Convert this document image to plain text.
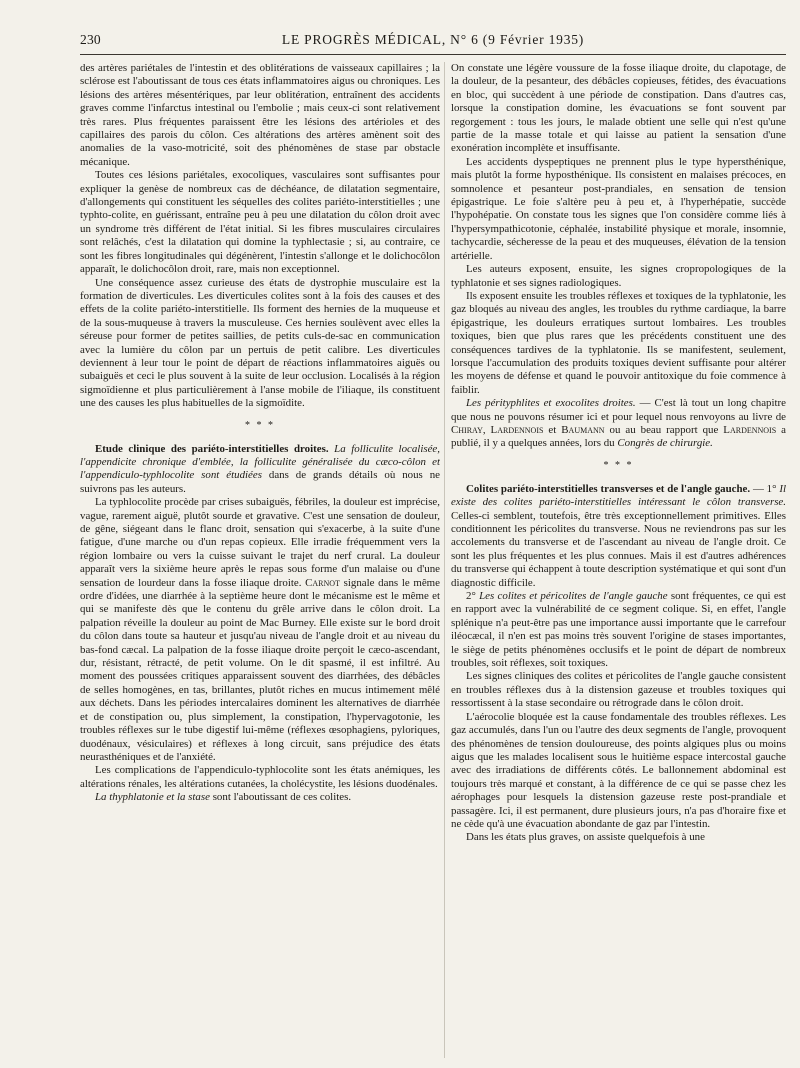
230	LE PROGRÈS MÉDICAL, N° 6 (9 Février 1935)

des artères pariétales de l'intestin et des oblitérations de vaisseaux capillaires ; la sclérose est l'aboutissant de tous ces états inflammatoires aigus ou chroniques. Les lésions des artères mésentériques, par leur oblitération, entraînent des accidents graves comme l'infarctus intestinal ou l'embolie ; mais ceux-ci sont relativement très rares. Plus fréquentes paraissent être les lésions des artérioles et des capillaires des parois du côlon. Ces altérations des artères amènent soit des anomalies de la vaso-motricité, soit des phénomènes de stase par obstacle mécanique.

Toutes ces lésions pariétales, exocoliques, vasculaires sont suffisantes pour expliquer la genèse de nombreux cas de déchéance, de dilatation segmentaire, d'allongements qui constituent les séquelles des colites pariéto-interstitielles ; une typhto-colite, en guérissant, entraîne peu à peu une dilatation du côlon droit avec un syndrome très différent de l'état initial. Si les fibres musculaires circulaires sont relâchés, c'est la dilatation qui domine la typhlectasie ; si, au contraire, ce sont les fibres longitudinales qui dégénèrent, l'intestin s'allonge et le dolichocôlon apparaît, le dolichocôlon droit, rare, mais non exceptionnel.

Une conséquence assez curieuse des états de dystrophie musculaire est la formation de diverticules. Les diverticules colites sont à la fois des causes et des effets de la colite pariéto-interstitielle. Ils forment des hernies de la muqueuse et de la sous-muqueuse à travers la musculeuse. Ces hernies soulèvent avec elles la séreuse pour former de petites saillies, de petits culs-de-sac en communication avec la lumière du côlon par un pertuis de petit calibre. Les diverticules deviennent à leur tour le point de départ de réactions inflammatoires aiguës ou subaiguës et ceci le plus souvent à la suite de leur occlusion. Localisés à la région sigmoïdienne et plus particulièrement à l'anse mobile de l'iliaque, ils constituent une des causes les plus habituelles de la sigmoïdite.

* * *

Etude clinique des pariéto-interstitielles droites. La folliculite localisée, l'appendicite chronique d'emblée, la folliculite généralisée du cæco-côlon et l'appendiculo-typhlocolite sont étudiées dans de grands détails où nous ne suivrons pas les auteurs.

La typhlocolite procède par crises subaiguës, fébriles, la douleur est imprécise, vague, rarement aiguë, plutôt sourde et gravative. C'est une sensation de douleur, de gêne, siégeant dans le flanc droit, sensation qui s'exacerbe, à la suite d'une fatigue, d'une marche ou d'un repas copieux. Elle irradie fréquemment vers la région lombaire ou vers la cuisse suivant le trajet du nerf crural. La douleur apparaît vers la sixième heure après le repas sous forme d'un malaise ou d'une sensation de lourdeur dans la fosse iliaque droite. Carnot signale dans le même ordre d'idées, une diarrhée à la septième heure dont le mécanisme est le même et qui se manifeste dès que le contenu du grêle arrive dans le côlon droit. La palpation réveille la douleur au point de Mac Burney. Elle existe sur le bord droit du côlon dans toute sa hauteur et jusqu'au niveau de l'angle droit et au niveau du bas-fond cæcal. La palpation de la fosse iliaque droite perçoit le cæco-ascendant, dur, résistant, rétracté, de petit volume. On le dit spasmé, il est infiltré. Au moment des poussées critiques apparaissent souvent des diarrhées, des débâcles de selles homogènes, en tas, brillantes, plutôt riches en mucus intimement mêlé aux déchets. Dans les périodes intercalaires dominent les alternatives de diarrhée et de constipation ou, plus simplement, la constipation, l'hypervagotonie, les troubles réflexes sur le tube digestif lui-même (réflexes œsophagiens, pyloriques, duodénaux, vésiculaires) et réflexes à long circuit, sans préjudice des états neurasthéniques et de l'anxiété.

Les complications de l'appendiculo-typhlocolite sont les états anémiques, les altérations rénales, les altérations cutanées, la cholécystite, les lésions duodénales.

La thyphlatonie et la stase sont l'aboutissant de ces colites.

On constate une légère voussure de la fosse iliaque droite, du clapotage, de la douleur, de la pesanteur, des débâcles copieuses, fétides, des évacuations en bloc, qui succèdent à une période de constipation. Dans d'autres cas, lorsque la constipation domine, les évacuations se font souvent par regorgement : tous les jours, le malade obtient une selle qui n'est qu'une partie de la masse totale et qui laisse au patient la sensation d'une exonération incomplète et insuffisante.

Les accidents dyspeptiques ne prennent plus le type hypersthénique, mais plutôt la forme hyposthénique. Ils consistent en malaises précoces, en somnolence et pesanteur post-prandiales, en sensation de tension épigastrique. Le foie s'altère peu à peu et, à l'hyperhépatie, succède l'hypohépatie. On constate tous les signes que l'on considère comme liés à l'hypersympathicotonie, céphalée, instabilité physique et morale, insomnie, tachycardie, sécheresse de la peau et des muqueuses, élévation de la tension artérielle.

Les auteurs exposent, ensuite, les signes cropropologiques de la typhlatonie et ses signes radiologiques.

Ils exposent ensuite les troubles réflexes et toxiques de la typhlatonie, les gaz bloqués au niveau des angles, les troubles du rythme cardiaque, la barre épigastrique, les douleurs erratiques surtout lombaires. Les troubles toxiques, bien que plus rares que les précédents constituent une des conséquences tardives de la typhlatonie. Ils se manifestent, seulement, lorsque l'accumulation des produits toxiques devient suffisante pour altérer les moyens de défense et quand le pouvoir antitoxique du foie commence à faiblir.

Les pérityphlites et exocolites droites. — C'est là tout un long chapitre que nous ne pouvons résumer ici et pour lequel nous renvoyons au livre de Chiray, Lardennois et Baumann ou au beau rapport que Lardennois a publié, il y a quelques années, lors du Congrès de chirurgie.

* * *

Colites pariéto-interstitielles transverses et de l'angle gauche. — 1° Il existe des colites pariéto-interstitielles intéressant le côlon transverse. Celles-ci semblent, toutefois, être très exceptionnellement primitives. Elles conditionnent les péricolites du transverse. Nous ne reviendrons pas sur les accolements du transverse et de l'ascendant au niveau de l'angle droit. Ce sont les plus fréquentes et les plus connues. Mais il est d'autres adhérences du transverse qui échappent à toute description systématique et qui sont d'un diagnostic difficile.

2° Les colites et péricolites de l'angle gauche sont fréquentes, ce qui est en rapport avec la vulnérabilité de ce segment colique. Si, en effet, l'angle splénique n'a peut-être pas une importance aussi importante que le carrefour iléocæcal, il n'en est pas moins très souvent l'origine de stases importantes, le siège de petits phénomènes occlusifs et le point de départ de nombreux troubles, soit réflexes, soit toxiques.

Les signes cliniques des colites et péricolites de l'angle gauche consistent en troubles réflexes dus à la distension gazeuse et troubles toxiques qui ressortissent à la stase secondaire ou rétrograde dans le côlon droit.

L'aérocolie bloquée est la cause fondamentale des troubles réflexes. Les gaz accumulés, dans l'un ou l'autre des deux segments de l'angle, provoquent des phénomènes de tension douloureuse, des points algiques plus ou moins aigus que les malades localisent sous le huitième espace intercostal gauche avec des irradiations de différents côtés. Le ballonnement abdominal est toujours très marqué et constant, à la différence de ce qui se passe chez les aérophages pour lesquels la distension gazeuse reste post-prandiale et passagère. Ici, il est permanent, dure plusieurs jours, n'a pas d'horaire fixe et ne cède qu'à une évacuation abondante de gaz par l'intestin.

Dans les états plus graves, on assiste quelquefois à une
